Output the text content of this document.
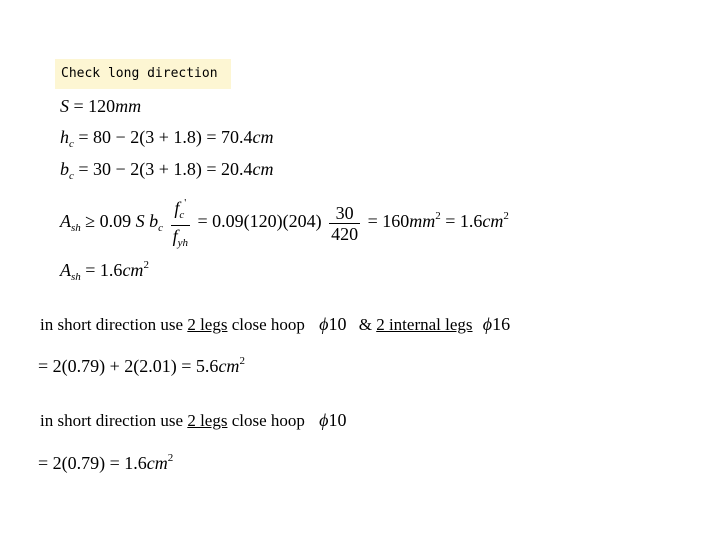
Check long direction
S = 120mm
$h_c = 80 - 2(3 + 1.8) = 70.4cm$
$b_c = 30 - 2(3 + 1.8) = 20.4cm$
$A_{sh} \ge 0.09$ S $b_c \frac{f_c'}{f_{yh}} = 0.09(120)(204) \frac{30}{420} = 160mm^2 = 1.6cm^2$
$A_{sh} = 1.6cm^2$
in short direction use 2 legs close hoop ϕ10 & 2 internal legs ϕ16
= $2(0.79) + 2(2.01) = 5.6cm^2$
in short direction use 2 legs close hoop ϕ10
= $2(0.79) = 1.6cm^2$
